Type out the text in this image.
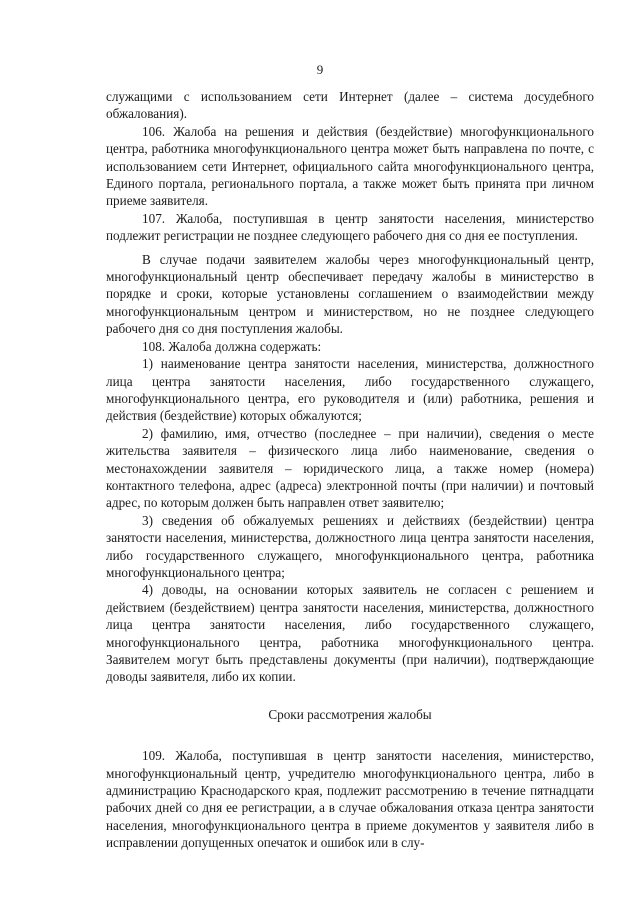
9

служащими с использованием сети Интернет (далее – система досудебного обжалования).

106. Жалоба на решения и действия (бездействие) многофункционального центра, работника многофункционального центра может быть направлена по почте, с использованием сети Интернет, официального сайта многофункционального центра, Единого портала, регионального портала, а также может быть принята при личном приеме заявителя.

107. Жалоба, поступившая в центр занятости населения, министерство подлежит регистрации не позднее следующего рабочего дня со дня ее поступления.

В случае подачи заявителем жалобы через многофункциональный центр, многофункциональный центр обеспечивает передачу жалобы в министерство в порядке и сроки, которые установлены соглашением о взаимодействии между многофункциональным центром и министерством, но не позднее следующего рабочего дня со дня поступления жалобы.

108. Жалоба должна содержать:

1) наименование центра занятости населения, министерства, должностного лица центра занятости населения, либо государственного служащего, многофункционального центра, его руководителя и (или) работника, решения и действия (бездействие) которых обжалуются;

2) фамилию, имя, отчество (последнее – при наличии), сведения о месте жительства заявителя – физического лица либо наименование, сведения о местонахождении заявителя – юридического лица, а также номер (номера) контактного телефона, адрес (адреса) электронной почты (при наличии) и почтовый адрес, по которым должен быть направлен ответ заявителю;

3) сведения об обжалуемых решениях и действиях (бездействии) центра занятости населения, министерства, должностного лица центра занятости населения, либо государственного служащего, многофункционального центра, работника многофункционального центра;

4) доводы, на основании которых заявитель не согласен с решением и действием (бездействием) центра занятости населения, министерства, должностного лица центра занятости населения, либо государственного служащего, многофункционального центра, работника многофункционального центра. Заявителем могут быть представлены документы (при наличии), подтверждающие доводы заявителя, либо их копии.

Сроки рассмотрения жалобы

109. Жалоба, поступившая в центр занятости населения, министерство, многофункциональный центр, учредителю многофункционального центра, либо в администрацию Краснодарского края, подлежит рассмотрению в течение пятнадцати рабочих дней со дня ее регистрации, а в случае обжалования отказа центра занятости населения, многофункционального центра в приеме документов у заявителя либо в исправлении допущенных опечаток и ошибок или в слу-
